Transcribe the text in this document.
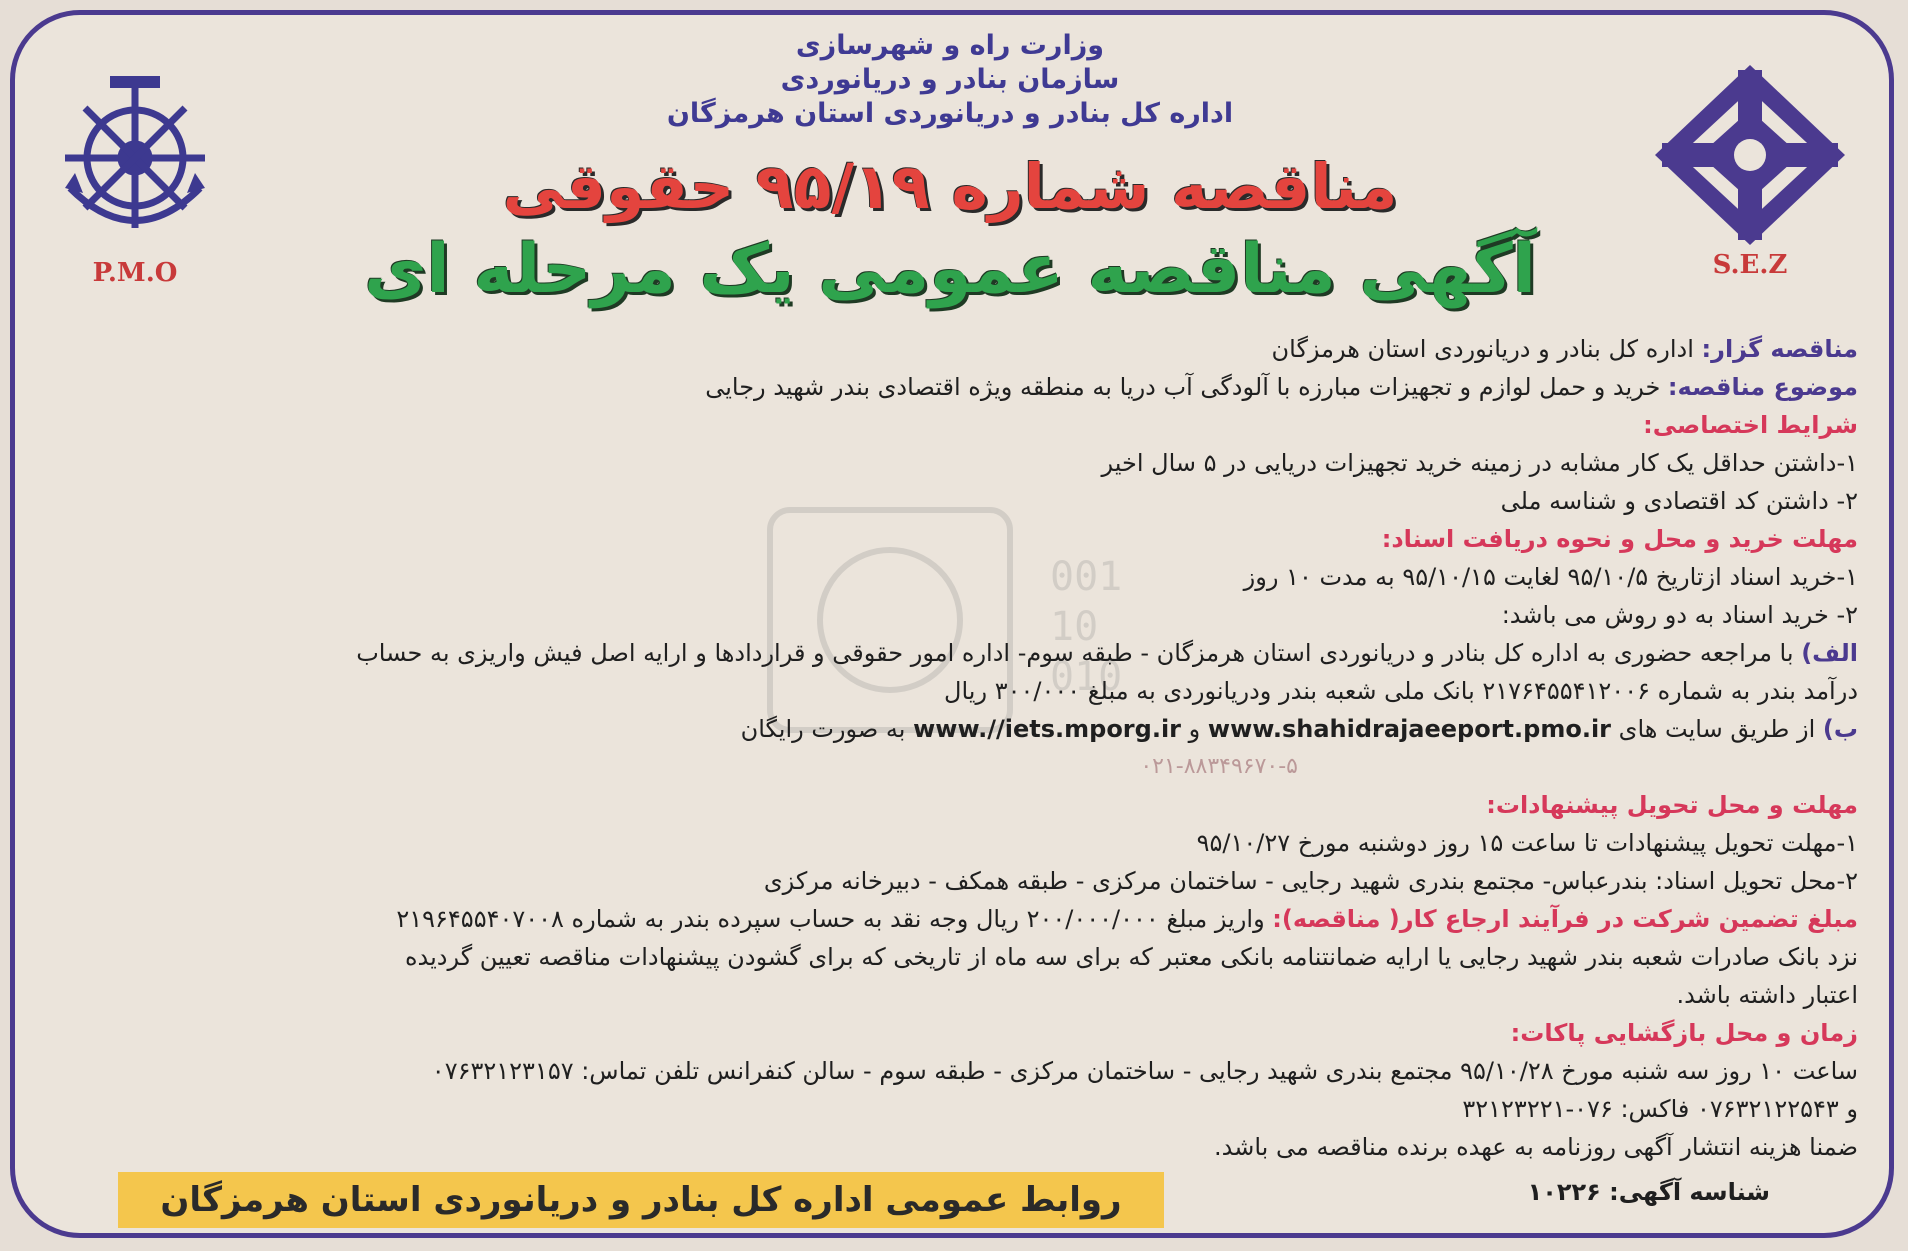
P.M.O	S.E.Z
وزارت راه و شهرسازی
سازمان بنادر و دریانوردی
اداره کل بنادر و دریانوردی استان هرمزگان
مناقصه شماره ۹۵/۱۹ حقوقی
آگهی مناقصه عمومی یک مرحله ای
001
10
010
مناقصه گزار: اداره کل بنادر و دریانوردی استان هرمزگان
موضوع مناقصه: خرید و حمل لوازم و تجهیزات مبارزه با آلودگی آب دریا به منطقه ویژه اقتصادی بندر شهید رجایی
شرایط اختصاصی:
۱-داشتن حداقل یک کار مشابه در زمینه خرید تجهیزات دریایی در ۵ سال اخیر
۲- داشتن کد اقتصادی و شناسه ملی
مهلت خرید و محل و نحوه دریافت اسناد:
۱-خرید اسناد ازتاریخ ۹۵/۱۰/۵ لغایت ۹۵/۱۰/۱۵ به مدت ۱۰ روز
۲- خرید اسناد به دو روش می باشد:
الف) با مراجعه حضوری به اداره کل بنادر و دریانوردی استان هرمزگان - طبقه سوم- اداره امور حقوقی و قراردادها و ارایه اصل فیش واریزی به حساب
درآمد بندر به شماره ۲۱۷۶۴۵۵۴۱۲۰۰۶ بانک ملی شعبه بندر ودریانوردی به مبلغ ۳۰۰/۰۰۰ ریال
ب) از طریق سایت های www.shahidrajaeeport.pmo.ir و www.//iets.mporg.ir به صورت رایگان
۰۲۱-۸۸۳۴۹۶۷۰-۵
مهلت و محل تحویل پیشنهادات:
۱-مهلت تحویل پیشنهادات تا ساعت ۱۵ روز دوشنبه مورخ ۹۵/۱۰/۲۷
۲-محل تحویل اسناد: بندرعباس- مجتمع بندری شهید رجایی - ساختمان مرکزی - طبقه همکف - دبیرخانه مرکزی
مبلغ تضمین شرکت در فرآیند ارجاع کار( مناقصه): واریز مبلغ ۲۰۰/۰۰۰/۰۰۰ ریال وجه نقد به حساب سپرده بندر به شماره ۲۱۹۶۴۵۵۴۰۷۰۰۸
نزد بانک صادرات شعبه بندر شهید رجایی یا ارایه ضمانتنامه بانکی معتبر که برای سه ماه از تاریخی که برای گشودن پیشنهادات مناقصه تعیین گردیده
اعتبار داشته باشد.
زمان و محل بازگشایی پاکات:
ساعت ۱۰ روز سه شنبه مورخ ۹۵/۱۰/۲۸ مجتمع بندری شهید رجایی - ساختمان مرکزی - طبقه سوم - سالن کنفرانس تلفن تماس: ۰۷۶۳۲۱۲۳۱۵۷
و ۰۷۶۳۲۱۲۲۵۴۳ فاکس: ۰۷۶-۳۲۱۲۳۲۲۱
ضمنا هزینه انتشار آگهی روزنامه به عهده برنده مناقصه می باشد.
شناسه آگهی: ۱۰۲۲۶
روابط عمومی اداره کل بنادر و دریانوردی استان هرمزگان
